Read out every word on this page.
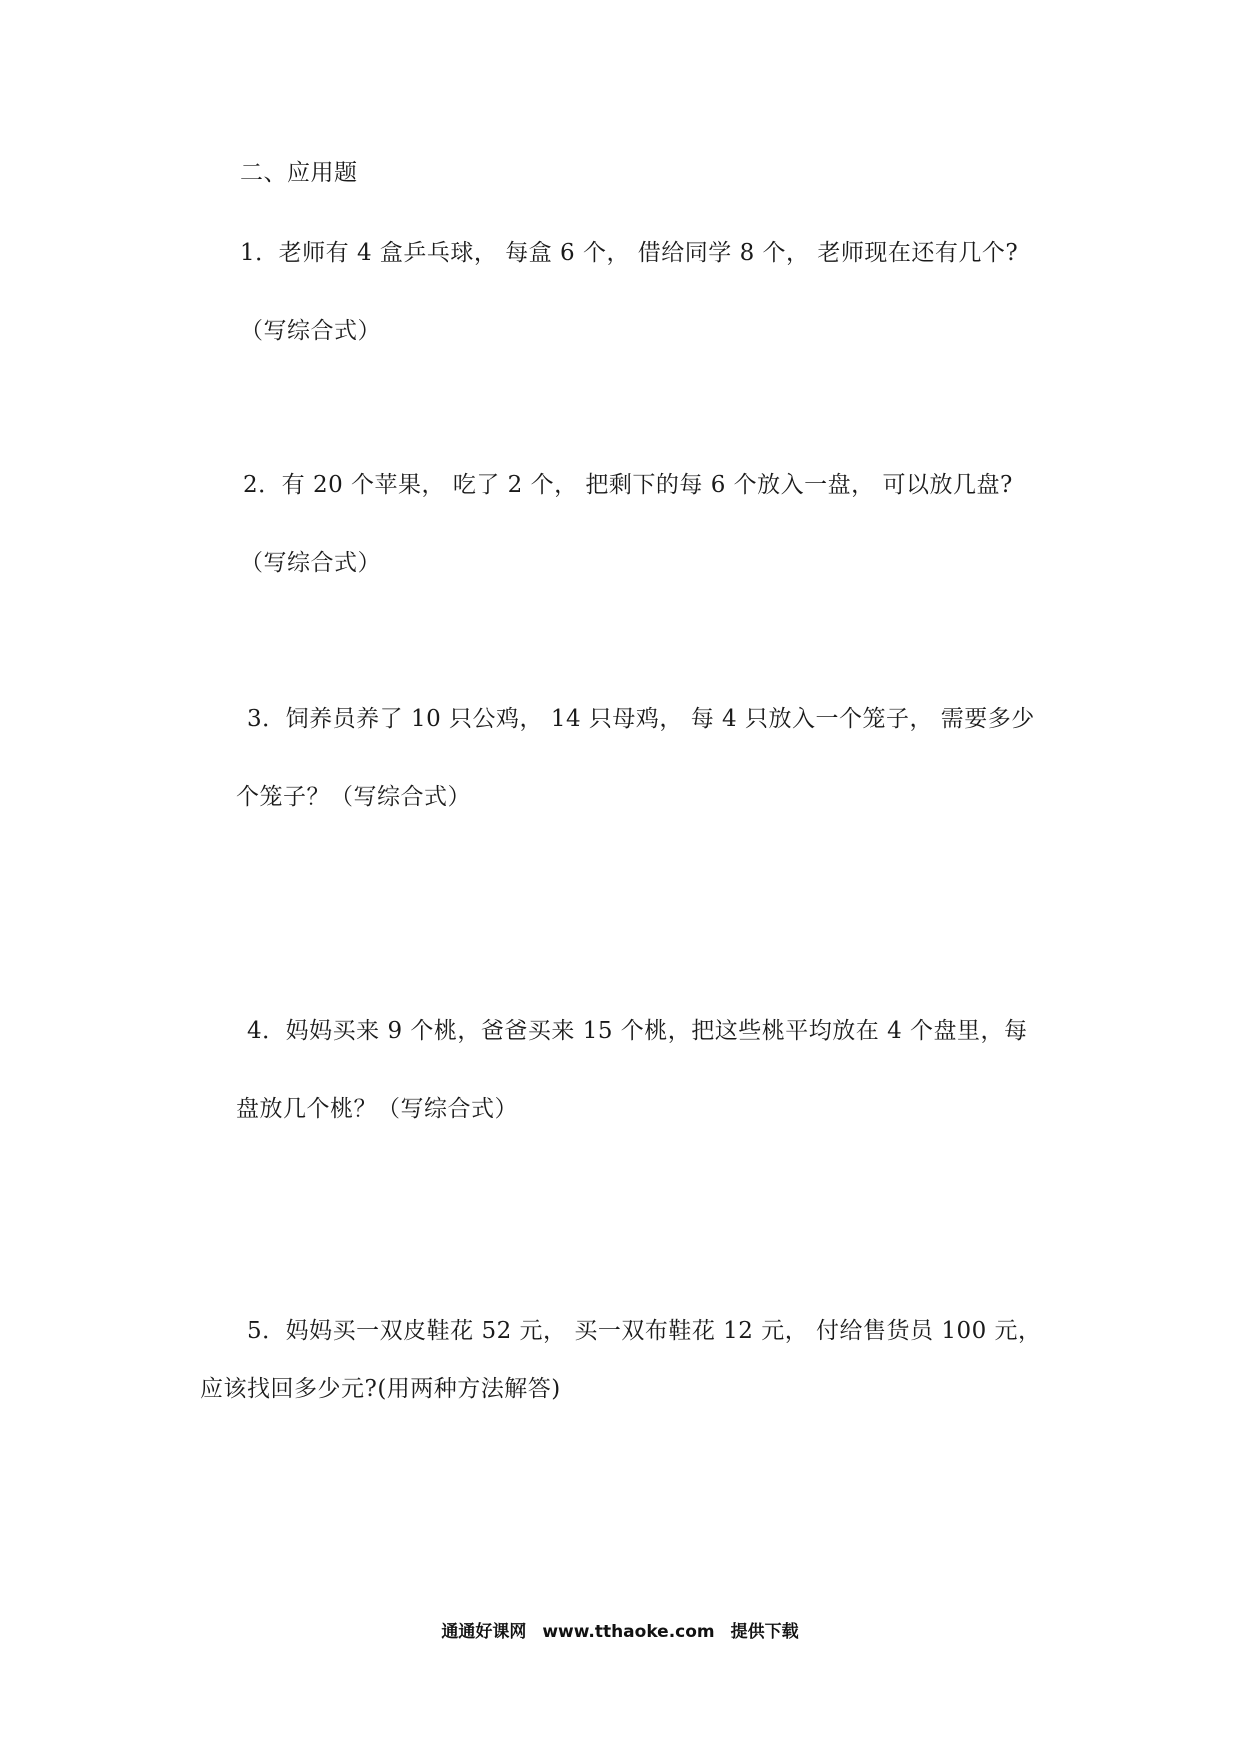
二、应用题
1．老师有 4 盒乒乓球， 每盒 6 个， 借给同学 8 个， 老师现在还有几个?
（写综合式）
2．有 20 个苹果， 吃了 2 个， 把剩下的每 6 个放入一盘， 可以放几盘?
（写综合式）
3．饲养员养了 10 只公鸡， 14 只母鸡， 每 4 只放入一个笼子， 需要多少
个笼子？（写综合式）
4．妈妈买来 9 个桃，爸爸买来 15 个桃，把这些桃平均放在 4 个盘里，每
盘放几个桃？（写综合式）
5．妈妈买一双皮鞋花 52 元， 买一双布鞋花 12 元， 付给售货员 100 元，
应该找回多少元?(用两种方法解答)
通通好课网 www.tthaoke.com 提供下载
